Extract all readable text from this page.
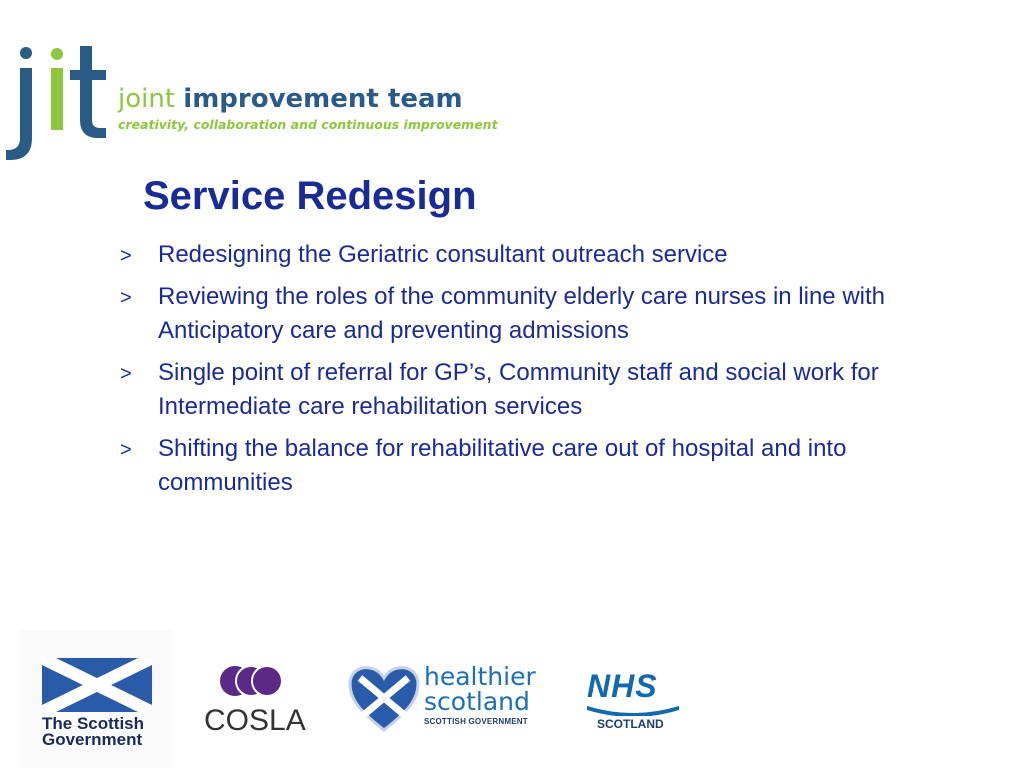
joint improvement team
creativity, collaboration and continuous improvement
Service Redesign
> Redesigning the Geriatric consultant outreach service
> Reviewing the roles of the community elderly care nurses in line with Anticipatory care and preventing admissions
> Single point of referral for GP’s, Community staff and social work for Intermediate care rehabilitation services
> Shifting the balance for rehabilitative care out of hospital and into communities
The Scottish
Government
COSLA
healthier
scotland
SCOTTISH GOVERNMENT
NHS
SCOTLAND
